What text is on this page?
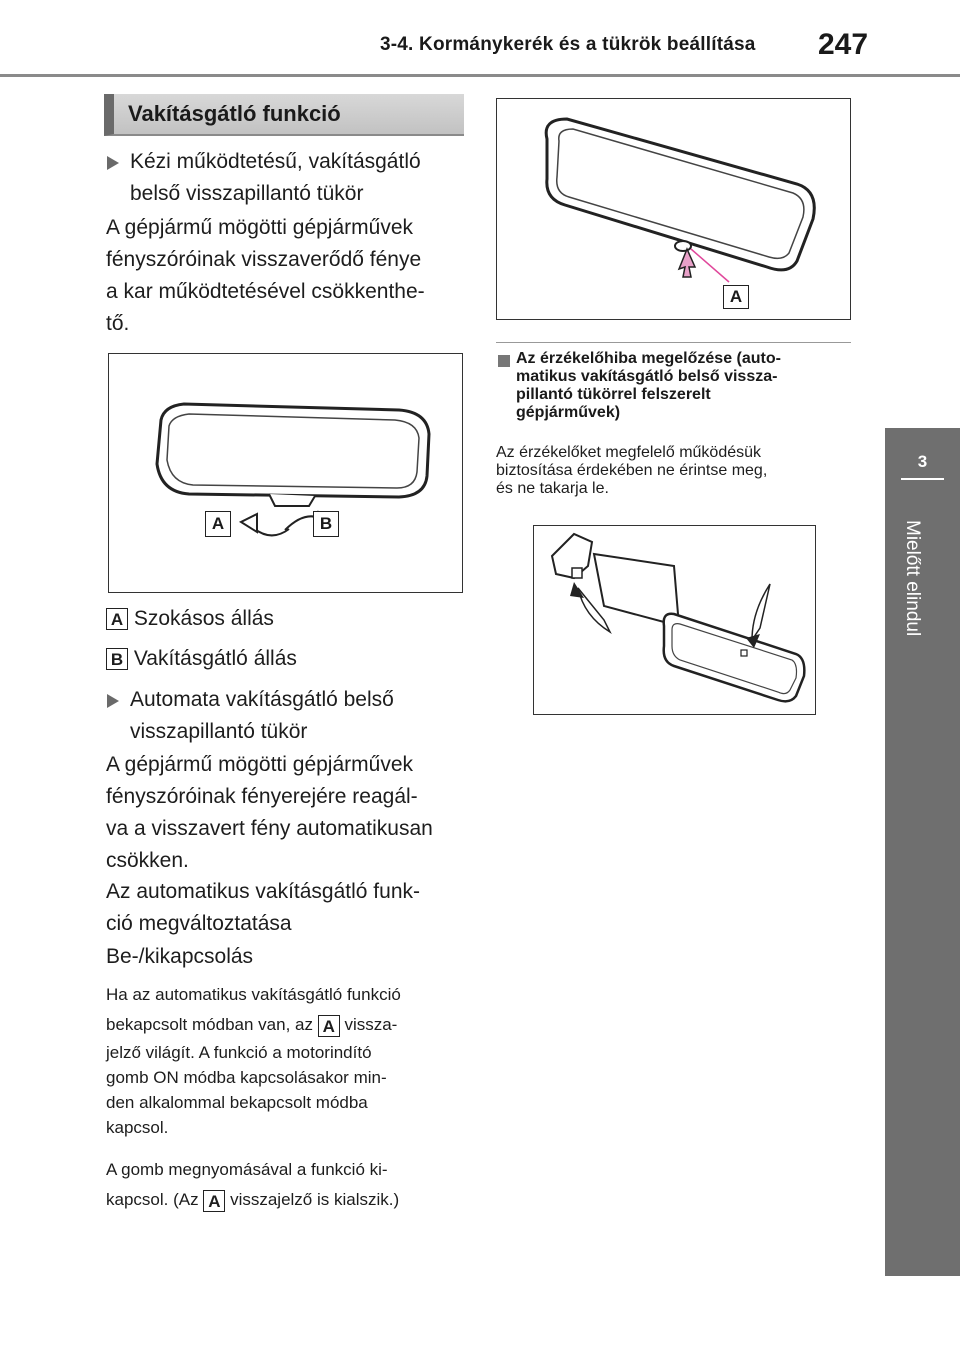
3-4. Kormánykerék és a tükrök beállítása 247
3
Mielőtt elindul
Vakításgátló funkció
Kézi működtetésű, vakításgátló
belső visszapillantó tükör
A gépjármű mögötti gépjárművek
fényszóróinak visszaverődő fénye
a kar működtetésével csökkenthe-
tő.
A	B
A Szokásos állás
B Vakításgátló állás
Automata vakításgátló belső
visszapillantó tükör
A gépjármű mögötti gépjárművek
fényszóróinak fényerejére reagál-
va a visszavert fény automatikusan
csökken.
Az automatikus vakításgátló funk-
ció megváltoztatása
Be-/kikapcsolás
Ha az automatikus vakításgátló funkció
bekapcsolt módban van, az A vissza-
jelző világít. A funkció a motorindító
gomb ON módba kapcsolásakor min-
den alkalommal bekapcsolt módba
kapcsol.
A gomb megnyomásával a funkció ki-
kapcsol. (Az A visszajelző is kialszik.)
A
Az érzékelőhiba megelőzése (auto-
matikus vakításgátló belső vissza-
pillantó tükörrel felszerelt
gépjárművek)
Az érzékelőket megfelelő működésük
biztosítása érdekében ne érintse meg,
és ne takarja le.
